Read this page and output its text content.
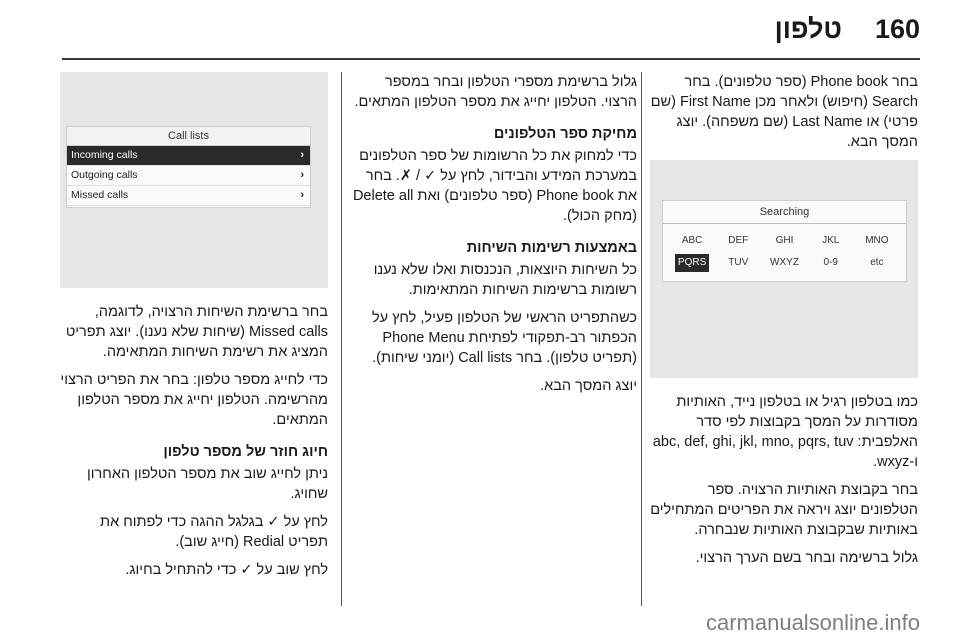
160
טלפון

בחר Phone book (ספר טלפונים). בחר Search (חיפוש) ולאחר מכן First Name (שם פרטי) או Last Name (שם משפחה). יוצג המסך הבא.

Searching
ABC	DEF	GHI	JKL	MNO
PQRS	TUV	WXYZ	0-9	etc

כמו בטלפון רגיל או בטלפון נייד, האותיות מסודרות על המסך בקבוצות לפי סדר האלפבית: abc, def, ghi, jkl, mno, pqrs, tuv ו-wxyz.

בחר בקבוצת האותיות הרצויה. ספר הטלפונים יוצג ויראה את הפריטים המתחילים באותיות שבקבוצת האותיות שנבחרה.

גלול ברשימה ובחר בשם הערך הרצוי.

גלול ברשימת מספרי הטלפון ובחר במספר הרצוי. הטלפון יחייג את מספר הטלפון המתאים.

מחיקת ספר הטלפונים

כדי למחוק את כל הרשומות של ספר הטלפונים במערכת המידע והבידור, לחץ על ✓ / ✗. בחר את Phone book (ספר טלפונים) ואת Delete all (מחק הכול).

באמצעות רשימות השיחות

כל השיחות היוצאות, הנכנסות ואלו שלא נענו רשומות ברשימות השיחות המתאימות.

כשהתפריט הראשי של הטלפון פעיל, לחץ על הכפתור רב-תפקודי לפתיחת Phone Menu (תפריט טלפון). בחר Call lists (יומני שיחות).

יוצג המסך הבא.

Call lists
Incoming calls	›
Outgoing calls	›
Missed calls	›

בחר ברשימת השיחות הרצויה, לדוגמה, Missed calls (שיחות שלא נענו). יוצג תפריט המציג את רשימת השיחות המתאימה.

כדי לחייג מספר טלפון: בחר את הפריט הרצוי מהרשימה. הטלפון יחייג את מספר הטלפון המתאים.

חיוג חוזר של מספר טלפון

ניתן לחייג שוב את מספר הטלפון האחרון שחויג.

לחץ על ✓ בגלגל ההגה כדי לפתוח את תפריט Redial (חייג שוב).

לחץ שוב על ✓ כדי להתחיל בחיוג.

carmanualsonline.info
